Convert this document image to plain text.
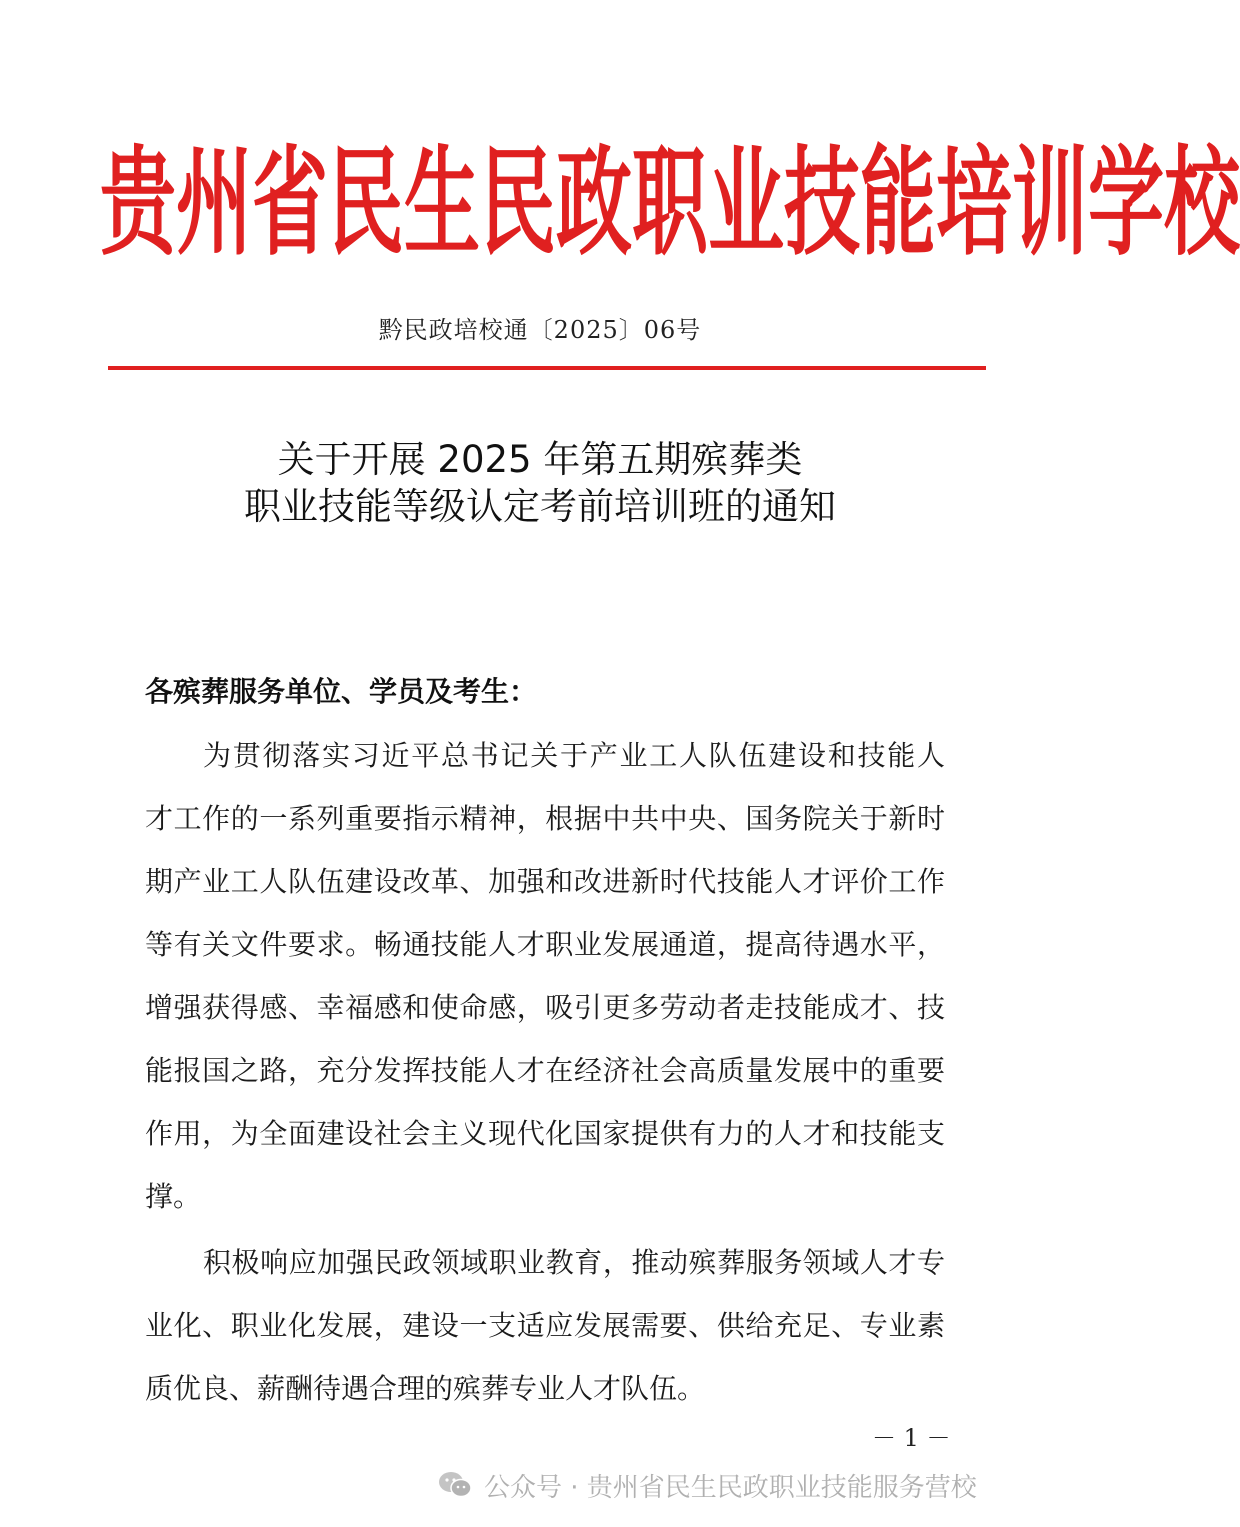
贵州省民生民政职业技能培训学校
黔民政培校通〔2025〕06号
关于开展 2025 年第五期殡葬类
职业技能等级认定考前培训班的通知
各殡葬服务单位、学员及考生：
为贯彻落实习近平总书记关于产业工人队伍建设和技能人
才工作的一系列重要指示精神，根据中共中央、国务院关于新时
期产业工人队伍建设改革、加强和改进新时代技能人才评价工作
等有关文件要求。畅通技能人才职业发展通道，提高待遇水平，
增强获得感、幸福感和使命感，吸引更多劳动者走技能成才、技
能报国之路，充分发挥技能人才在经济社会高质量发展中的重要
作用，为全面建设社会主义现代化国家提供有力的人才和技能支
撑。
积极响应加强民政领域职业教育，推动殡葬服务领域人才专
业化、职业化发展，建设一支适应发展需要、供给充足、专业素
质优良、薪酬待遇合理的殡葬专业人才队伍。
－ 1 －
公众号 · 贵州省民生民政职业技能服务营校
